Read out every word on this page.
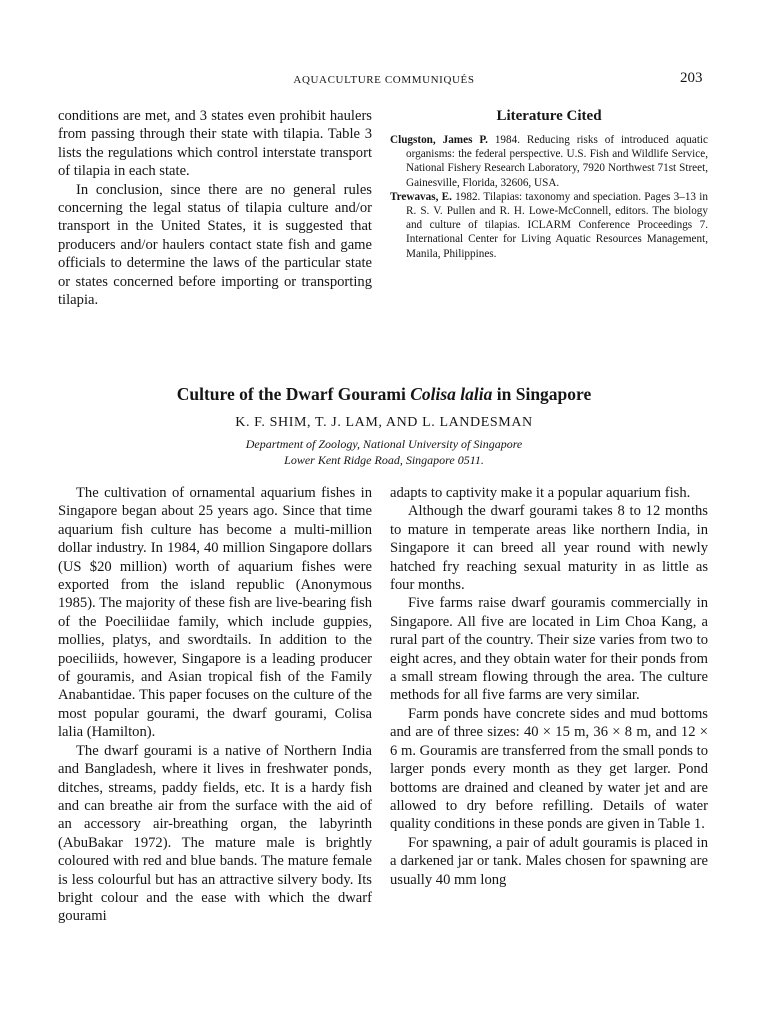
AQUACULTURE COMMUNIQUÉS	203

conditions are met, and 3 states even prohibit haulers from passing through their state with tilapia. Table 3 lists the regulations which control interstate transport of tilapia in each state.

In conclusion, since there are no general rules concerning the legal status of tilapia culture and/or transport in the United States, it is suggested that producers and/or haulers contact state fish and game officials to determine the laws of the particular state or states concerned before importing or transporting tilapia.

Literature Cited

Clugston, James P. 1984. Reducing risks of introduced aquatic organisms: the federal perspective. U.S. Fish and Wildlife Service, National Fishery Research Laboratory, 7920 Northwest 71st Street, Gainesville, Florida, 32606, USA.

Trewavas, E. 1982. Tilapias: taxonomy and speciation. Pages 3–13 in R. S. V. Pullen and R. H. Lowe-McConnell, editors. The biology and culture of tilapias. ICLARM Conference Proceedings 7. International Center for Living Aquatic Resources Management, Manila, Philippines.

Culture of the Dwarf Gourami Colisa lalia in Singapore
K. F. SHIM, T. J. LAM, AND L. LANDESMAN
Department of Zoology, National University of Singapore
Lower Kent Ridge Road, Singapore 0511.

The cultivation of ornamental aquarium fishes in Singapore began about 25 years ago. Since that time aquarium fish culture has become a multi-million dollar industry. In 1984, 40 million Singapore dollars (US $20 million) worth of aquarium fishes were exported from the island republic (Anonymous 1985). The majority of these fish are live-bearing fish of the Poeciliidae family, which include guppies, mollies, platys, and swordtails. In addition to the poeciliids, however, Singapore is a leading producer of gouramis, and Asian tropical fish of the Family Anabantidae. This paper focuses on the culture of the most popular gourami, the dwarf gourami, Colisa lalia (Hamilton).

The dwarf gourami is a native of Northern India and Bangladesh, where it lives in freshwater ponds, ditches, streams, paddy fields, etc. It is a hardy fish and can breathe air from the surface with the aid of an accessory air-breathing organ, the labyrinth (AbuBakar 1972). The mature male is brightly coloured with red and blue bands. The mature female is less colourful but has an attractive silvery body. Its bright colour and the ease with which the dwarf gourami

adapts to captivity make it a popular aquarium fish.

Although the dwarf gourami takes 8 to 12 months to mature in temperate areas like northern India, in Singapore it can breed all year round with newly hatched fry reaching sexual maturity in as little as four months.

Five farms raise dwarf gouramis commercially in Singapore. All five are located in Lim Choa Kang, a rural part of the country. Their size varies from two to eight acres, and they obtain water for their ponds from a small stream flowing through the area. The culture methods for all five farms are very similar.

Farm ponds have concrete sides and mud bottoms and are of three sizes: 40 × 15 m, 36 × 8 m, and 12 × 6 m. Gouramis are transferred from the small ponds to larger ponds every month as they get larger. Pond bottoms are drained and cleaned by water jet and are allowed to dry before refilling. Details of water quality conditions in these ponds are given in Table 1.

For spawning, a pair of adult gouramis is placed in a darkened jar or tank. Males chosen for spawning are usually 40 mm long
